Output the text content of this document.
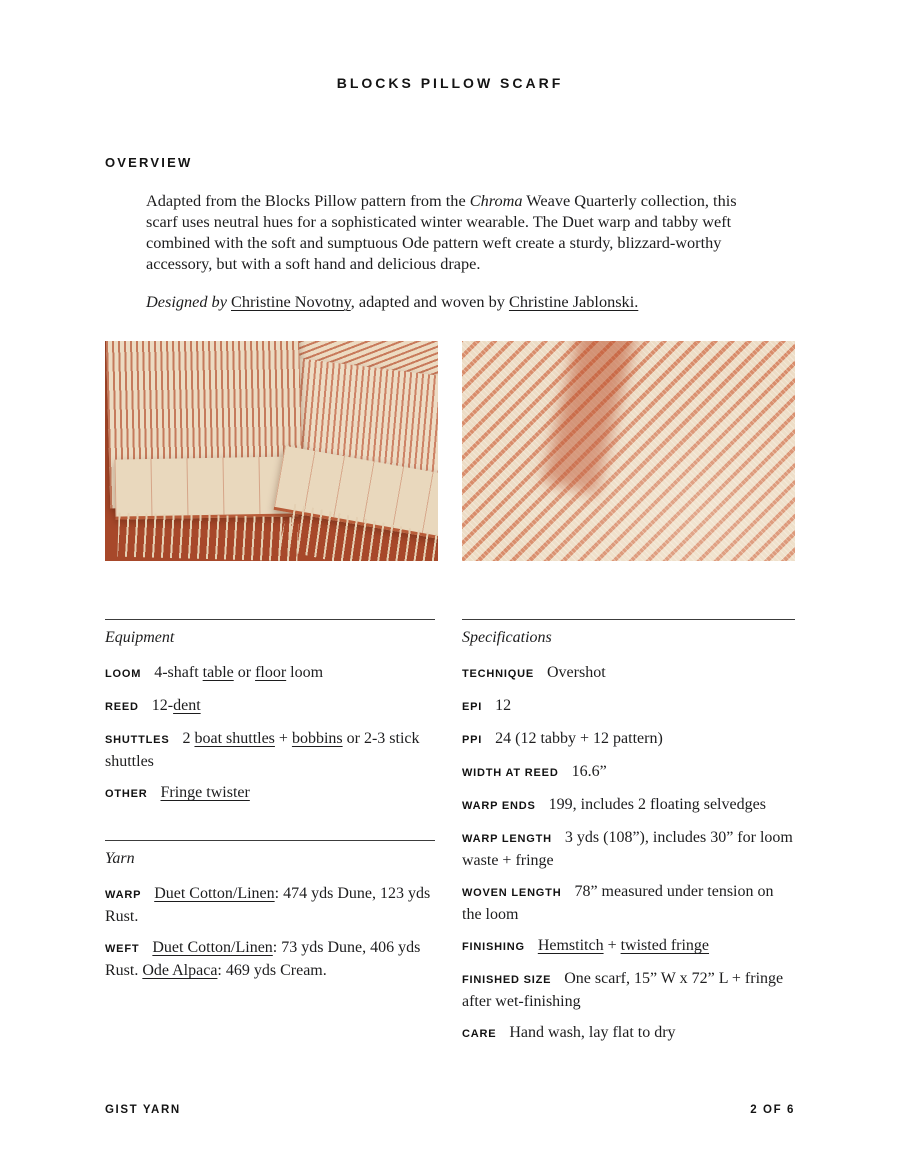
BLOCKS PILLOW SCARF
OVERVIEW

Adapted from the Blocks Pillow pattern from the Chroma Weave Quarterly collection, this scarf uses neutral hues for a sophisticated winter wearable. The Duet warp and tabby weft combined with the soft and sumptuous Ode pattern weft create a sturdy, blizzard-worthy accessory, but with a soft hand and delicious drape.

Designed by Christine Novotny, adapted and woven by Christine Jablonski.

Equipment

LOOM 4-shaft table or floor loom

REED 12-dent

SHUTTLES 2 boat shuttles + bobbins or 2-3 stick shuttles

OTHER Fringe twister

Yarn

WARP Duet Cotton/Linen: 474 yds Dune, 123 yds Rust.

WEFT Duet Cotton/Linen: 73 yds Dune, 406 yds Rust. Ode Alpaca: 469 yds Cream.

Specifications

TECHNIQUE Overshot

EPI 12

PPI 24 (12 tabby + 12 pattern)

WIDTH AT REED 16.6”

WARP ENDS 199, includes 2 floating selvedges

WARP LENGTH 3 yds (108”), includes 30” for loom waste + fringe

WOVEN LENGTH 78” measured under tension on the loom

FINISHING Hemstitch + twisted fringe

FINISHED SIZE One scarf, 15” W x 72” L + fringe after wet-finishing

CARE Hand wash, lay flat to dry

GIST YARN	2 OF 6
